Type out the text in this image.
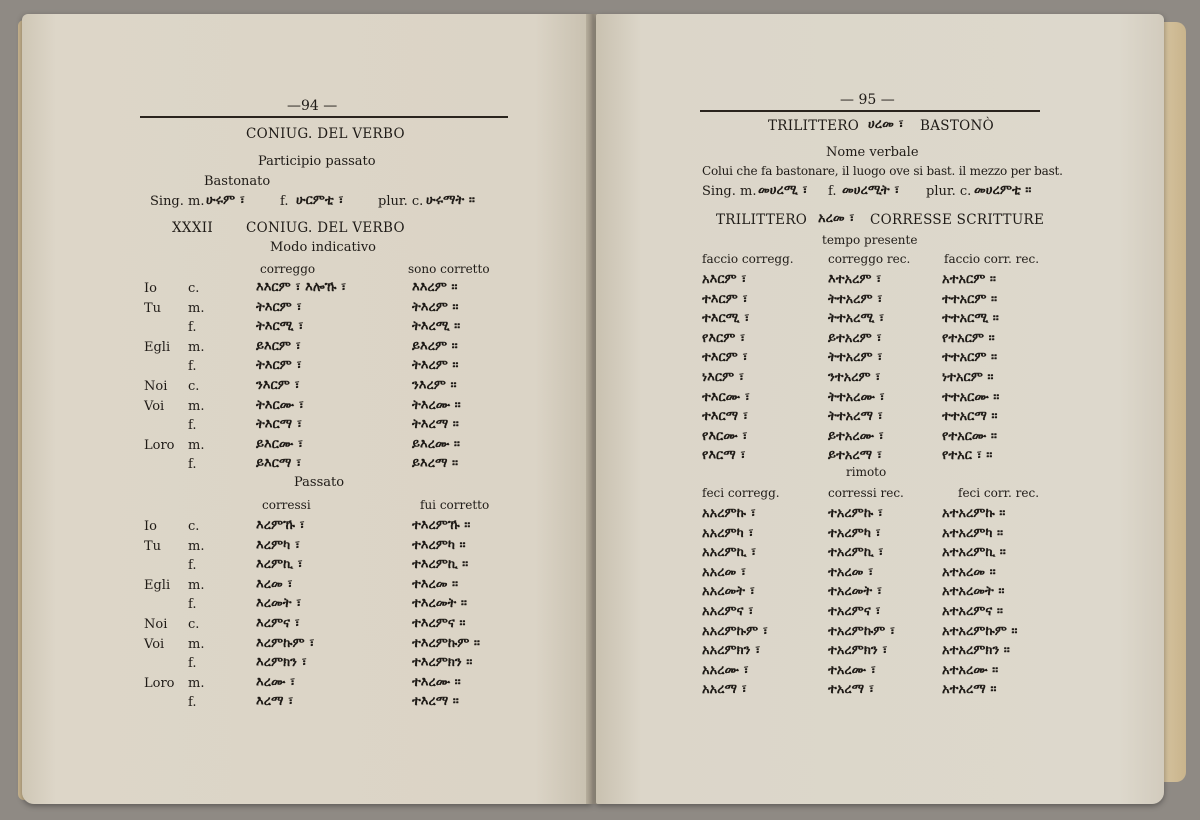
—94 —
CONIUG. DEL VERBO
Participio passato
Bastonato
Sing. m. ሁሩም ፣	f. ሁርምቲ ፣	plur. c. ሁሩማት ።
XXXII CONIUG. DEL VERBO
Modo indicativo
correggo	sono corretto
Io c.	እእርም ፣ እሎኹ ፣	እእረም ።
Tu m.	ትእርም ፣	ትእረም ።
f.	ትእርሚ ፣	ትእረሚ ።
Egli m.	ይእርም ፣	ይእረም ።
f.	ትእርም ፣	ትእረም ።
Noi c.	ንእርም ፣	ንእረም ።
Voi m.	ትእርሙ ፣	ትእረሙ ።
f.	ትእርማ ፣	ትእረማ ።
Loro m.	ይእርሙ ፣	ይእረሙ ።
f.	ይእርማ ፣	ይእረማ ።
Passato
corressi	fui corretto
Io c.	እረምኹ ፣	ተእረምኹ ።
Tu m.	እረምካ ፣	ተእረምካ ።
f.	እረምኪ ፣	ተእረምኪ ።
Egli m.	እረመ ፣	ተእረመ ።
f.	እረመት ፣	ተእረመት ።
Noi c.	እረምና ፣	ተእረምና ።
Voi m.	እረምኩም ፣	ተእረምኩም ።
f.	እረምክን ፣	ተእረምክን ።
Loro m.	እረሙ ፣	ተእረሙ ።
f.	እረማ ፣	ተእረማ ።
— 95 —
TRILITTERO ሀረመ ፣ BASTONÒ
Nome verbale
Colui che fa bastonare, il luogo ove si bast. il mezzo per bast.
Sing. m. መሀረሚ ፣ f. መሀረሚት ፣ plur. c. መሀረምቲ ።
TRILITTERO አረመ ፣ CORRESSE SCRITTURE
tempo presente
faccio corregg.	correggo rec.	faccio corr. rec.
አእርም ፣	እተአረም ፣	አተአርም ።
ተእርም ፣	ትተአረም ፣	ተተአርም ።
ተእርሚ ፣	ትተአረሚ ፣	ተተአርሚ ።
የእርም ፣	ይተአረም ፣	የተአርም ።
ተእርም ፣	ትተአረም ፣	ተተአርም ።
ነእርም ፣	ንተአረም ፣	ነተአርም ።
ተእርሙ ፣	ትተአረሙ ፣	ተተአርሙ ።
ተእርማ ፣	ትተአረማ ፣	ተተአርማ ።
የእርሙ ፣	ይተአረሙ ፣	የተአርሙ ።
የእርማ ፣	ይተአረማ ፣	የተአር ፣ ።
rimoto
feci corregg.	corressi rec.	feci corr. rec.
አአረምኩ ፣	ተአረምኩ ፣	አተአረምኩ ።
አአረምካ ፣	ተአረምካ ፣	አተአረምካ ።
አአረምኪ ፣	ተአረምኪ ፣	አተአረምኪ ።
አአረመ ፣	ተአረመ ፣	አተአረመ ።
አአረመት ፣	ተአረመት ፣	አተአረመት ።
አአረምና ፣	ተአረምና ፣	አተአረምና ።
አአረምኩም ፣	ተአረምኩም ፣	አተአረምኩም ።
አአረምክን ፣	ተአረምክን ፣	አተአረምክን ።
አአረሙ ፣	ተአረሙ ፣	አተአረሙ ።
አአረማ ፣	ተአረማ ፣	አተአረማ ።
